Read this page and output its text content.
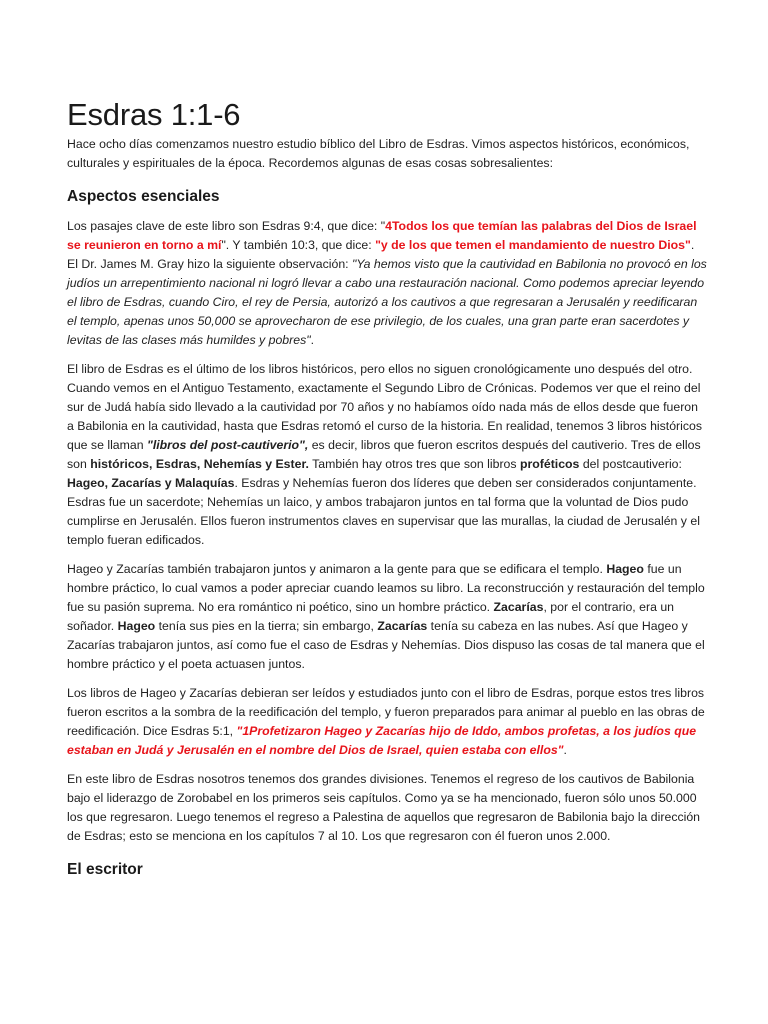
Esdras 1:1-6

Hace ocho días comenzamos nuestro estudio bíblico del Libro de Esdras. Vimos aspectos históricos, económicos, culturales y espirituales de la época. Recordemos algunas de esas cosas sobresalientes:

Aspectos esenciales

Los pasajes clave de este libro son Esdras 9:4, que dice: "4Todos los que temían las palabras del Dios de Israel se reunieron en torno a mí". Y también 10:3, que dice: "y de los que temen el mandamiento de nuestro Dios". El Dr. James M. Gray hizo la siguiente observación: "Ya hemos visto que la cautividad en Babilonia no provocó en los judíos un arrepentimiento nacional ni logró llevar a cabo una restauración nacional. Como podemos apreciar leyendo el libro de Esdras, cuando Ciro, el rey de Persia, autorizó a los cautivos a que regresaran a Jerusalén y reedificaran el templo, apenas unos 50,000 se aprovecharon de ese privilegio, de los cuales, una gran parte eran sacerdotes y levitas de las clases más humildes y pobres".

El libro de Esdras es el último de los libros históricos, pero ellos no siguen cronológicamente uno después del otro. Cuando vemos en el Antiguo Testamento, exactamente el Segundo Libro de Crónicas. Podemos ver que el reino del sur de Judá había sido llevado a la cautividad por 70 años y no habíamos oído nada más de ellos desde que fueron a Babilonia en la cautividad, hasta que Esdras retomó el curso de la historia. En realidad, tenemos 3 libros históricos que se llaman "libros del post-cautiverio", es decir, libros que fueron escritos después del cautiverio. Tres de ellos son históricos, Esdras, Nehemías y Ester. También hay otros tres que son libros proféticos del postcautiverio: Hageo, Zacarías y Malaquías. Esdras y Nehemías fueron dos líderes que deben ser considerados conjuntamente. Esdras fue un sacerdote; Nehemías un laico, y ambos trabajaron juntos en tal forma que la voluntad de Dios pudo cumplirse en Jerusalén. Ellos fueron instrumentos claves en supervisar que las murallas, la ciudad de Jerusalén y el templo fueran edificados.

Hageo y Zacarías también trabajaron juntos y animaron a la gente para que se edificara el templo. Hageo fue un hombre práctico, lo cual vamos a poder apreciar cuando leamos su libro. La reconstrucción y restauración del templo fue su pasión suprema. No era romántico ni poético, sino un hombre práctico. Zacarías, por el contrario, era un soñador. Hageo tenía sus pies en la tierra; sin embargo, Zacarías tenía su cabeza en las nubes. Así que Hageo y Zacarías trabajaron juntos, así como fue el caso de Esdras y Nehemías. Dios dispuso las cosas de tal manera que el hombre práctico y el poeta actuasen juntos.

Los libros de Hageo y Zacarías debieran ser leídos y estudiados junto con el libro de Esdras, porque estos tres libros fueron escritos a la sombra de la reedificación del templo, y fueron preparados para animar al pueblo en las obras de reedificación. Dice Esdras 5:1, "1Profetizaron Hageo y Zacarías hijo de Iddo, ambos profetas, a los judíos que estaban en Judá y Jerusalén en el nombre del Dios de Israel, quien estaba con ellos".

En este libro de Esdras nosotros tenemos dos grandes divisiones. Tenemos el regreso de los cautivos de Babilonia bajo el liderazgo de Zorobabel en los primeros seis capítulos. Como ya se ha mencionado, fueron sólo unos 50.000 los que regresaron. Luego tenemos el regreso a Palestina de aquellos que regresaron de Babilonia bajo la dirección de Esdras; esto se menciona en los capítulos 7 al 10. Los que regresaron con él fueron unos 2.000.

El escritor
